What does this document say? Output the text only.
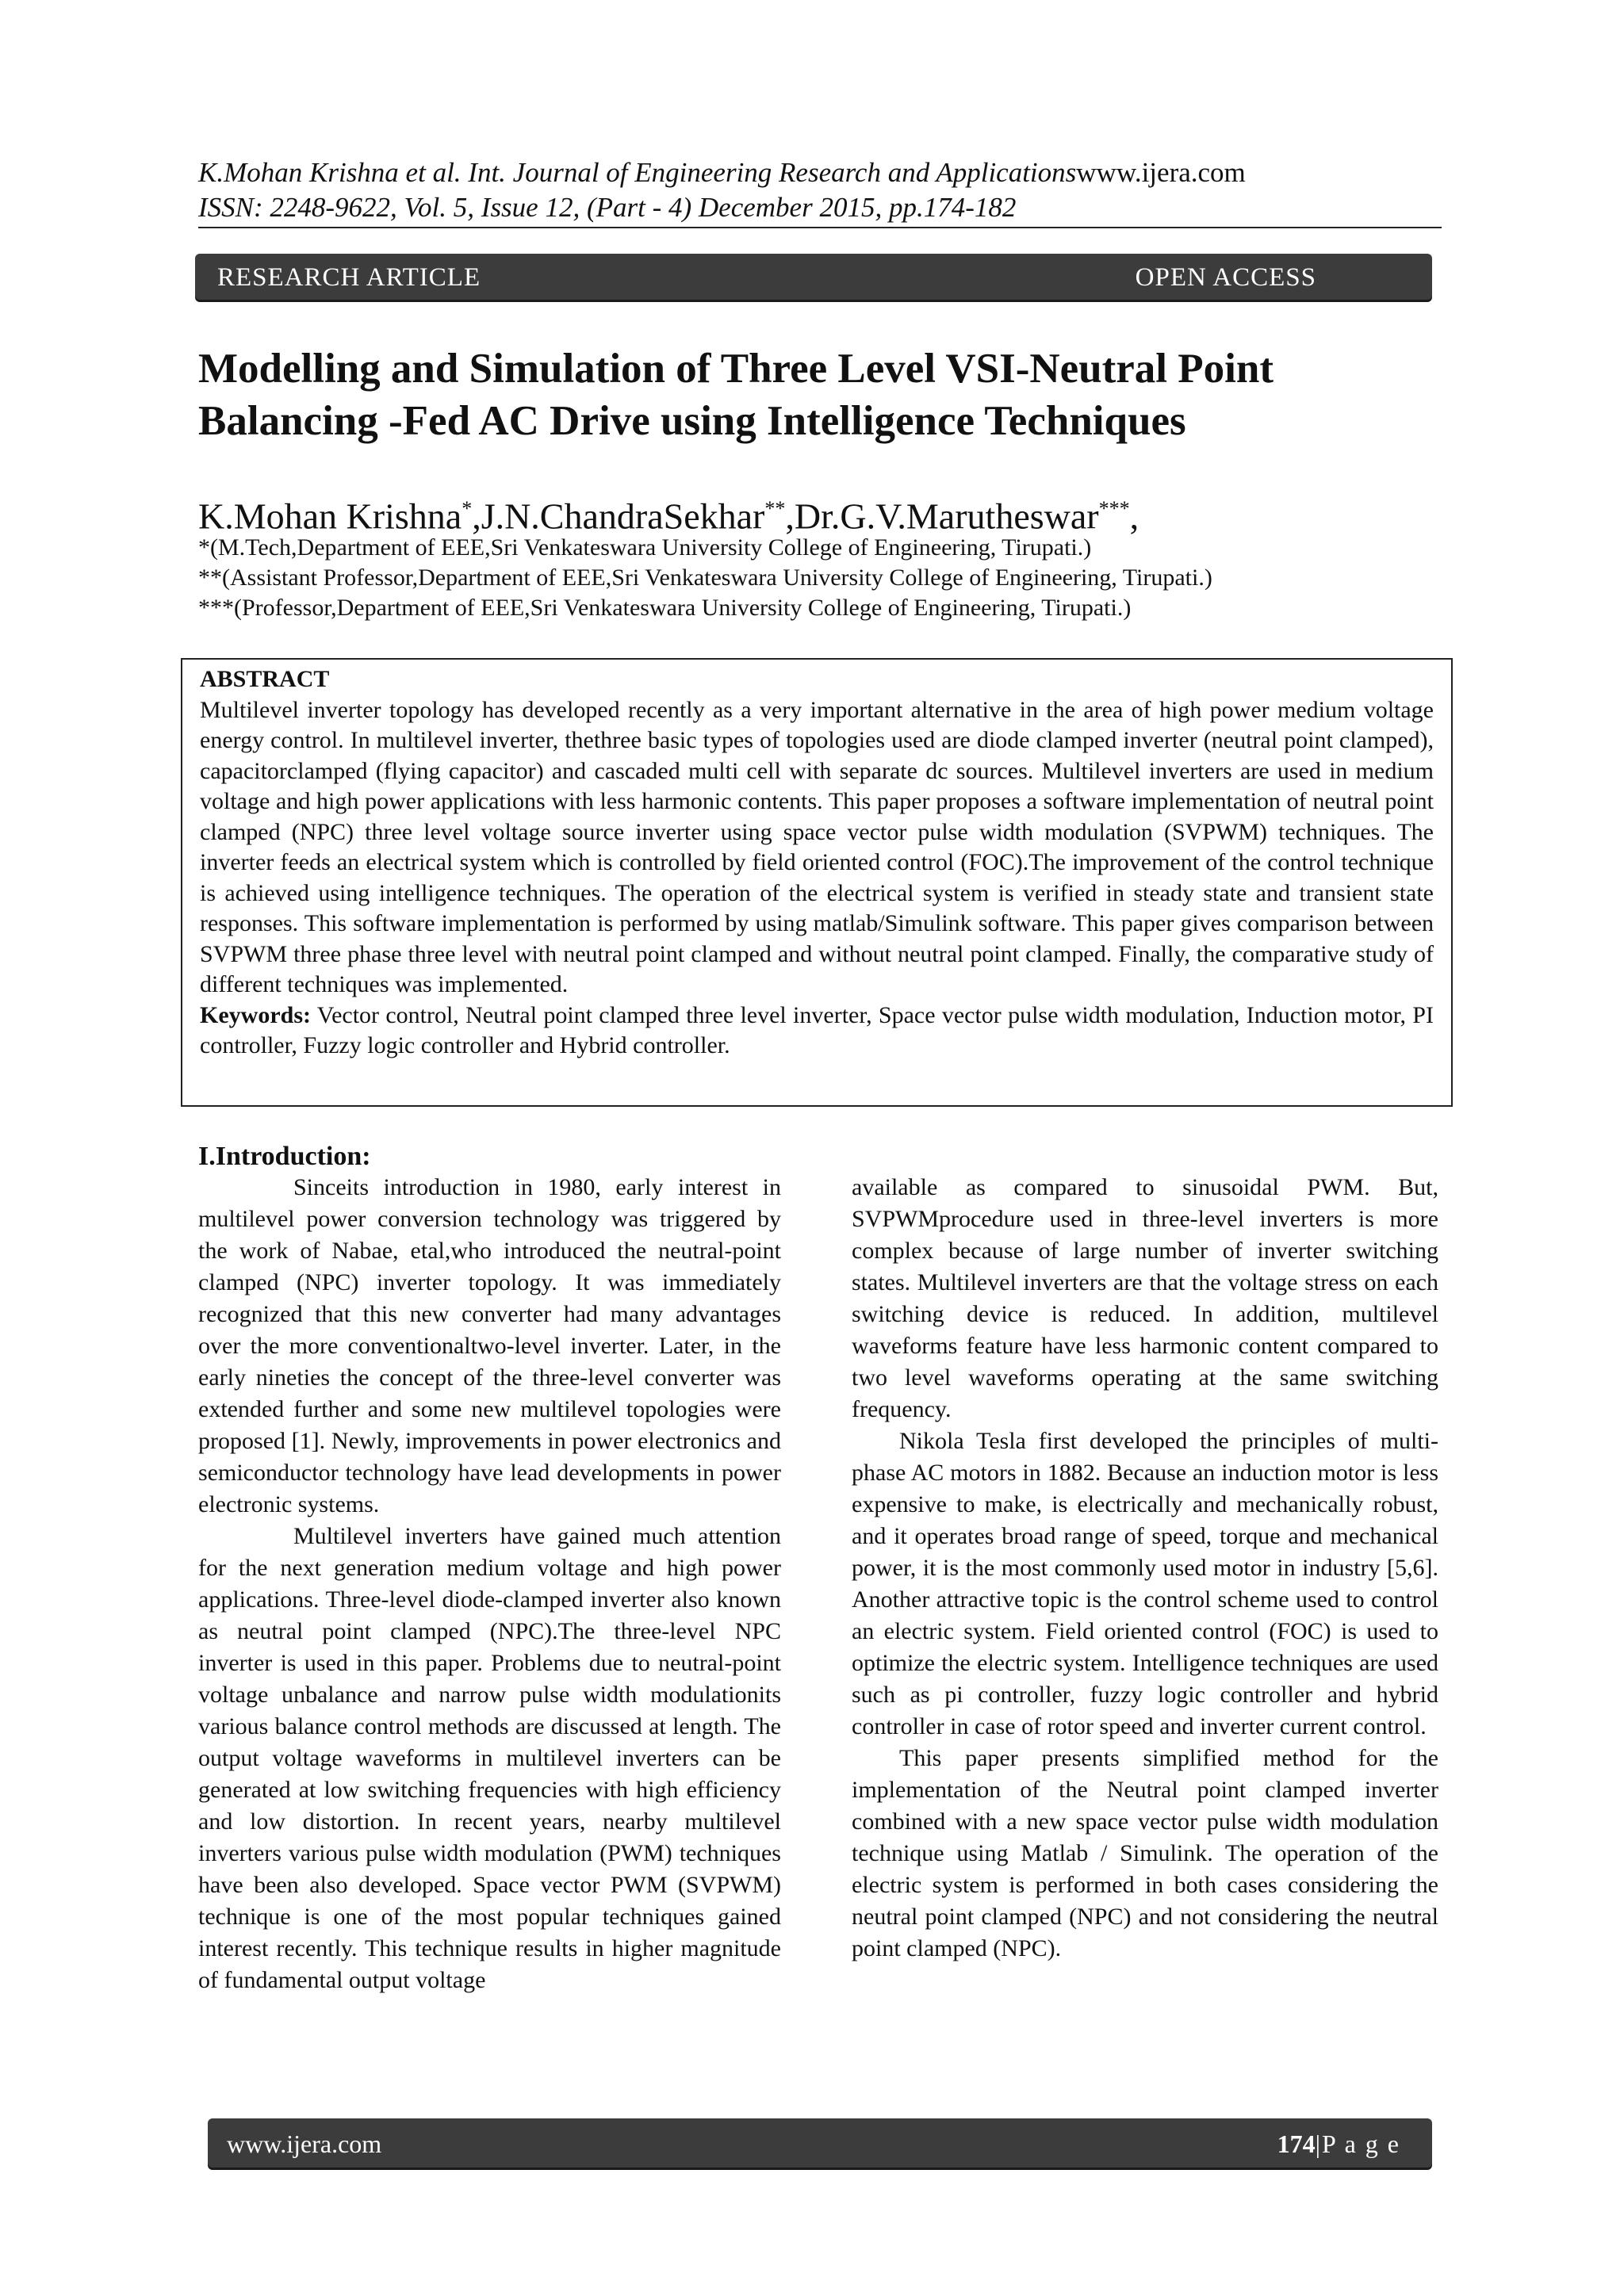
K.Mohan Krishna et al. Int. Journal of Engineering Research and Applicationswww.ijera.com
ISSN: 2248-9622, Vol. 5, Issue 12, (Part - 4) December 2015, pp.174-182
RESEARCH ARTICLE	OPEN ACCESS
Modelling and Simulation of Three Level VSI-Neutral Point Balancing -Fed AC Drive using Intelligence Techniques
K.Mohan Krishna*,J.N.ChandraSekhar**,Dr.G.V.Marutheswar***,
*(M.Tech,Department of EEE,Sri Venkateswara University College of Engineering, Tirupati.)
**(Assistant Professor,Department of EEE,Sri Venkateswara University College of Engineering, Tirupati.)
***(Professor,Department of EEE,Sri Venkateswara University College of Engineering, Tirupati.)
ABSTRACT
Multilevel inverter topology has developed recently as a very important alternative in the area of high power medium voltage energy control. In multilevel inverter, thethree basic types of topologies used are diode clamped inverter (neutral point clamped), capacitorclamped (flying capacitor) and cascaded multi cell with separate dc sources. Multilevel inverters are used in medium voltage and high power applications with less harmonic contents. This paper proposes a software implementation of neutral point clamped (NPC) three level voltage source inverter using space vector pulse width modulation (SVPWM) techniques. The inverter feeds an electrical system which is controlled by field oriented control (FOC).The improvement of the control technique is achieved using intelligence techniques. The operation of the electrical system is verified in steady state and transient state responses. This software implementation is performed by using matlab/Simulink software. This paper gives comparison between SVPWM three phase three level with neutral point clamped and without neutral point clamped. Finally, the comparative study of different techniques was implemented.
Keywords: Vector control, Neutral point clamped three level inverter, Space vector pulse width modulation, Induction motor, PI controller, Fuzzy logic controller and Hybrid controller.
I.Introduction:

Sinceits introduction in 1980, early interest in multilevel power conversion technology was triggered by the work of Nabae, etal,who introduced the neutral-point clamped (NPC) inverter topology. It was immediately recognized that this new converter had many advantages over the more conventionaltwo-level inverter. Later, in the early nineties the concept of the three-level converter was extended further and some new multilevel topologies were proposed [1]. Newly, improvements in power electronics and semiconductor technology have lead developments in power electronic systems.

Multilevel inverters have gained much attention for the next generation medium voltage and high power applications. Three-level diode-clamped inverter also known as neutral point clamped (NPC).The three-level NPC inverter is used in this paper. Problems due to neutral-point voltage unbalance and narrow pulse width modulationits various balance control methods are discussed at length. The output voltage waveforms in multilevel inverters can be generated at low switching frequencies with high efficiency and low distortion. In recent years, nearby multilevel inverters various pulse width modulation (PWM) techniques have been also developed. Space vector PWM (SVPWM) technique is one of the most popular techniques gained interest recently. This technique results in higher magnitude of fundamental output voltage

available as compared to sinusoidal PWM. But, SVPWMprocedure used in three-level inverters is more complex because of large number of inverter switching states. Multilevel inverters are that the voltage stress on each switching device is reduced. In addition, multilevel waveforms feature have less harmonic content compared to two level waveforms operating at the same switching frequency.

Nikola Tesla first developed the principles of multi-phase AC motors in 1882. Because an induction motor is less expensive to make, is electrically and mechanically robust, and it operates broad range of speed, torque and mechanical power, it is the most commonly used motor in industry [5,6]. Another attractive topic is the control scheme used to control an electric system. Field oriented control (FOC) is used to optimize the electric system. Intelligence techniques are used such as pi controller, fuzzy logic controller and hybrid controller in case of rotor speed and inverter current control.

This paper presents simplified method for the implementation of the Neutral point clamped inverter combined with a new space vector pulse width modulation technique using Matlab / Simulink. The operation of the electric system is performed in both cases considering the neutral point clamped (NPC) and not considering the neutral point clamped (NPC).

www.ijera.com	174|P a g e
